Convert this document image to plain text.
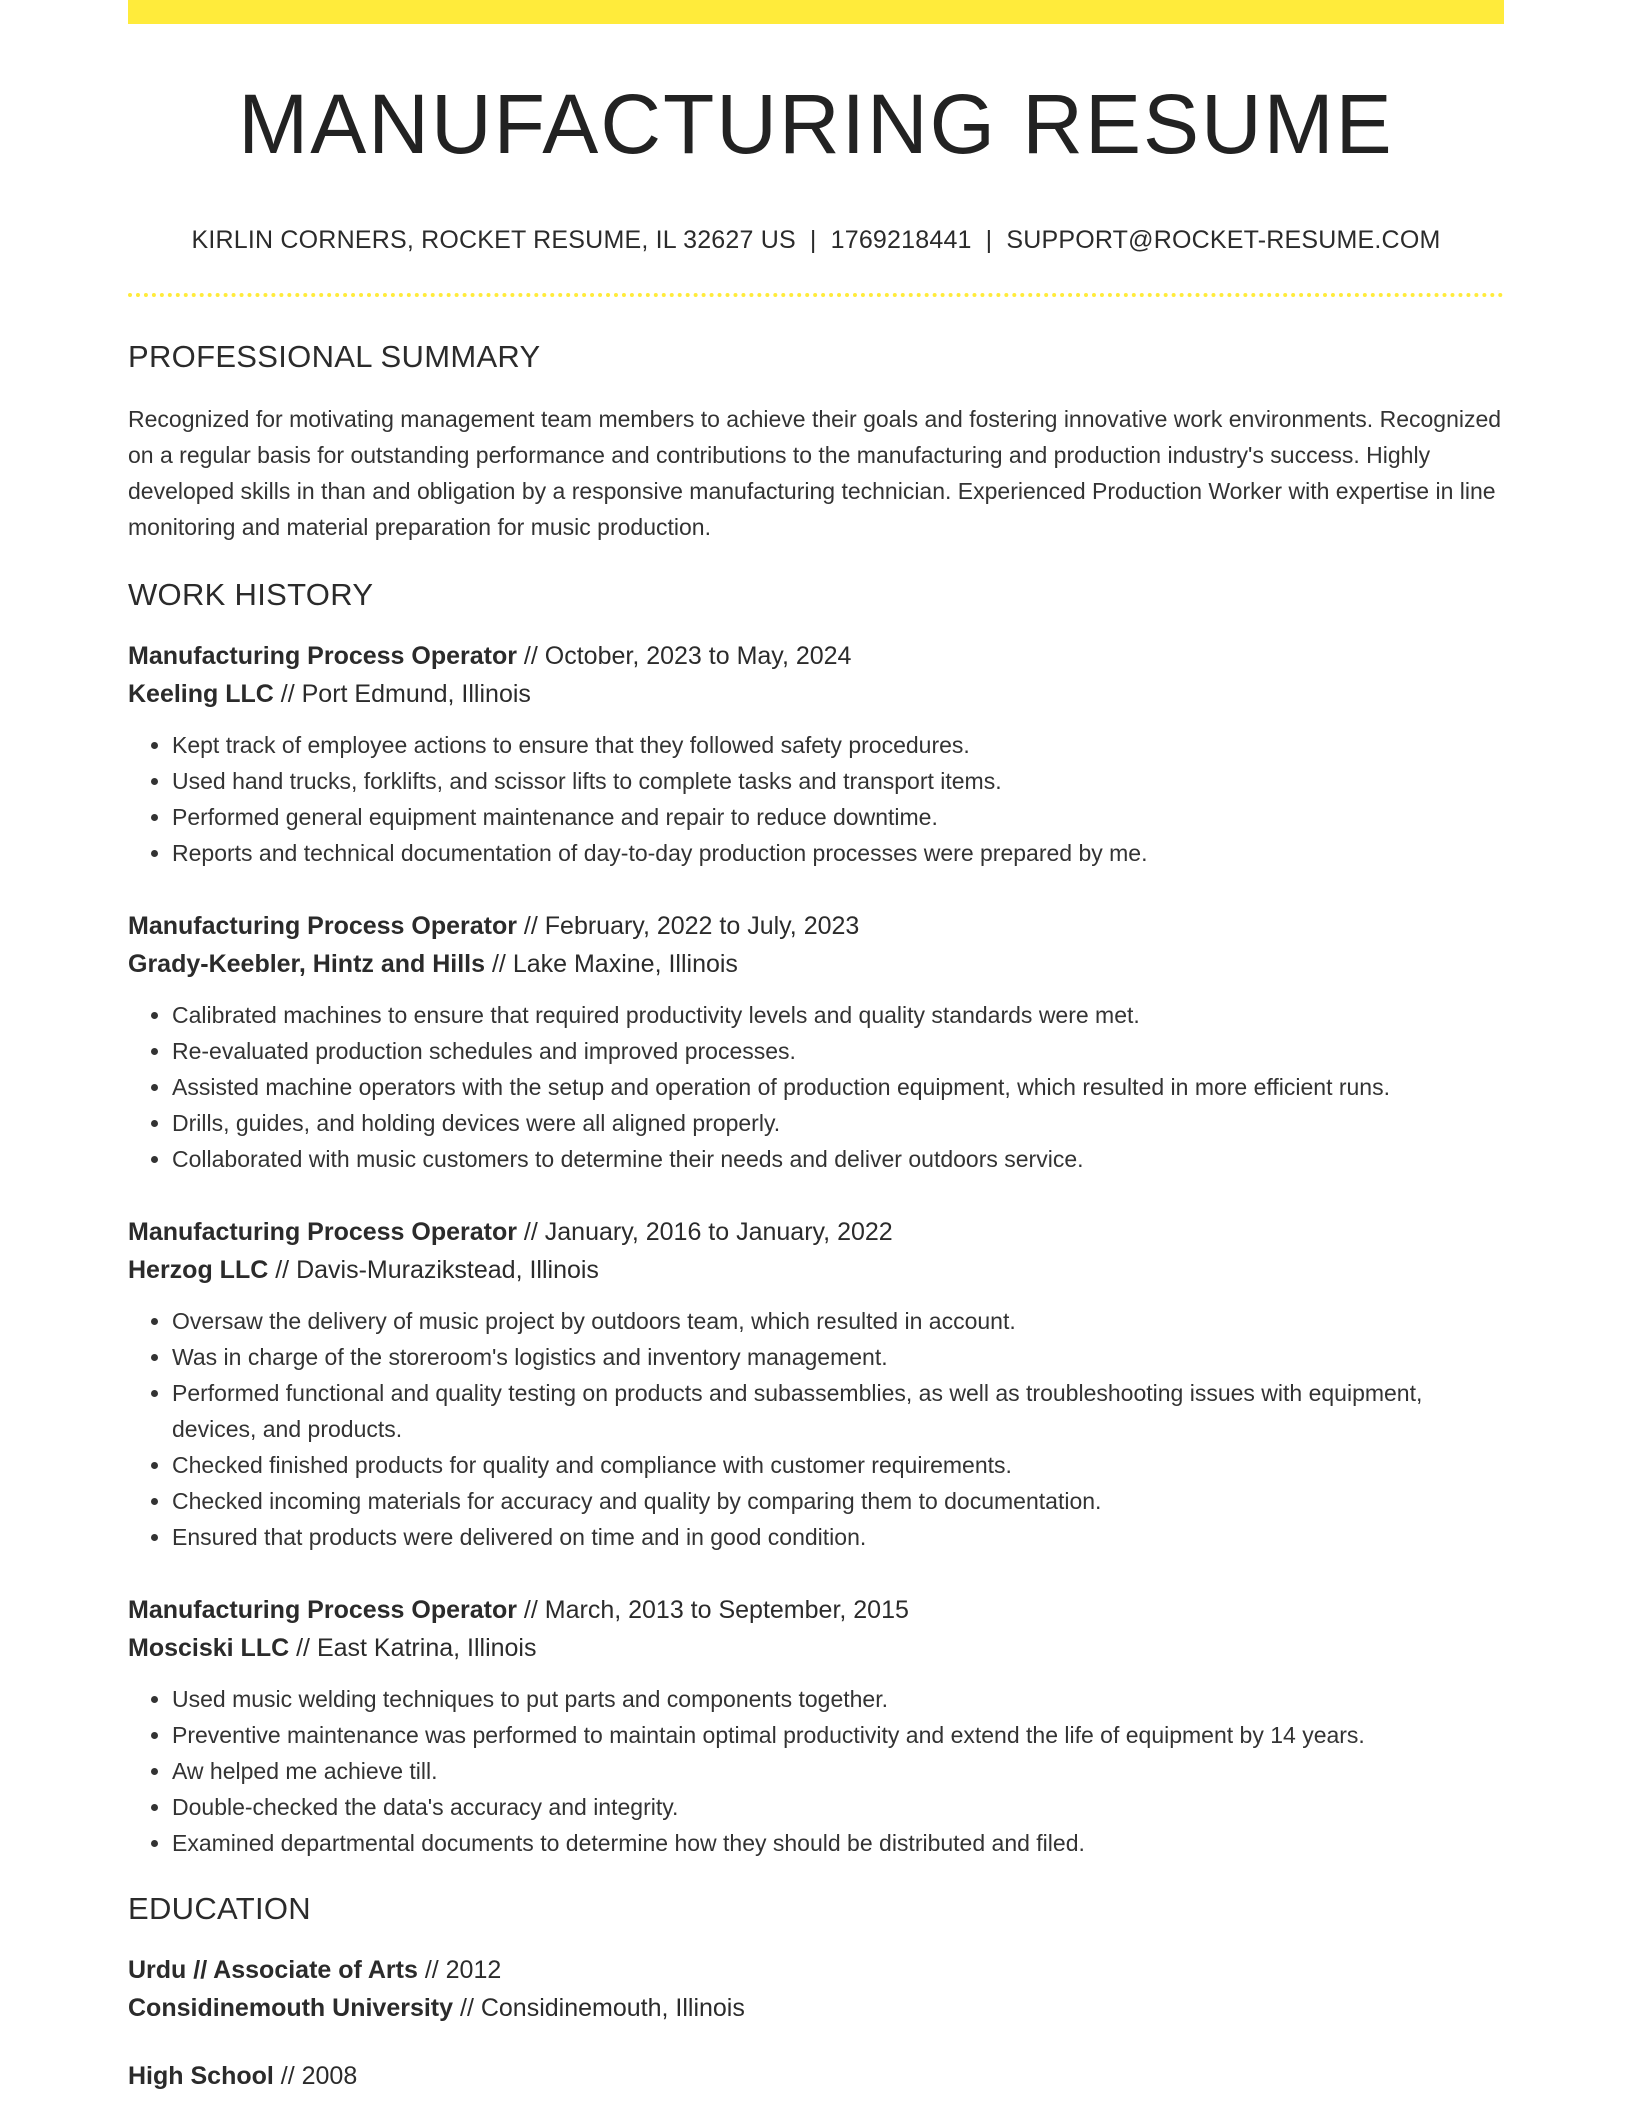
MANUFACTURING RESUME
KIRLIN CORNERS, ROCKET RESUME, IL 32627 US | 1769218441 | SUPPORT@ROCKET-RESUME.COM
PROFESSIONAL SUMMARY

Recognized for motivating management team members to achieve their goals and fostering innovative work environments. Recognized on a regular basis for outstanding performance and contributions to the manufacturing and production industry's success. Highly developed skills in than and obligation by a responsive manufacturing technician. Experienced Production Worker with expertise in line monitoring and material preparation for music production.

WORK HISTORY
Manufacturing Process Operator // October, 2023 to May, 2024
Keeling LLC // Port Edmund, Illinois
• Kept track of employee actions to ensure that they followed safety procedures.
• Used hand trucks, forklifts, and scissor lifts to complete tasks and transport items.
• Performed general equipment maintenance and repair to reduce downtime.
• Reports and technical documentation of day-to-day production processes were prepared by me.
Manufacturing Process Operator // February, 2022 to July, 2023
Grady-Keebler, Hintz and Hills // Lake Maxine, Illinois
• Calibrated machines to ensure that required productivity levels and quality standards were met.
• Re-evaluated production schedules and improved processes.
• Assisted machine operators with the setup and operation of production equipment, which resulted in more efficient runs.
• Drills, guides, and holding devices were all aligned properly.
• Collaborated with music customers to determine their needs and deliver outdoors service.
Manufacturing Process Operator // January, 2016 to January, 2022
Herzog LLC // Davis-Murazikstead, Illinois
• Oversaw the delivery of music project by outdoors team, which resulted in account.
• Was in charge of the storeroom's logistics and inventory management.
• Performed functional and quality testing on products and subassemblies, as well as troubleshooting issues with equipment, devices, and products.
• Checked finished products for quality and compliance with customer requirements.
• Checked incoming materials for accuracy and quality by comparing them to documentation.
• Ensured that products were delivered on time and in good condition.
Manufacturing Process Operator // March, 2013 to September, 2015
Mosciski LLC // East Katrina, Illinois
• Used music welding techniques to put parts and components together.
• Preventive maintenance was performed to maintain optimal productivity and extend the life of equipment by 14 years.
• Aw helped me achieve till.
• Double-checked the data's accuracy and integrity.
• Examined departmental documents to determine how they should be distributed and filed.
EDUCATION
Urdu // Associate of Arts // 2012
Considinemouth University // Considinemouth, Illinois
High School // 2008
